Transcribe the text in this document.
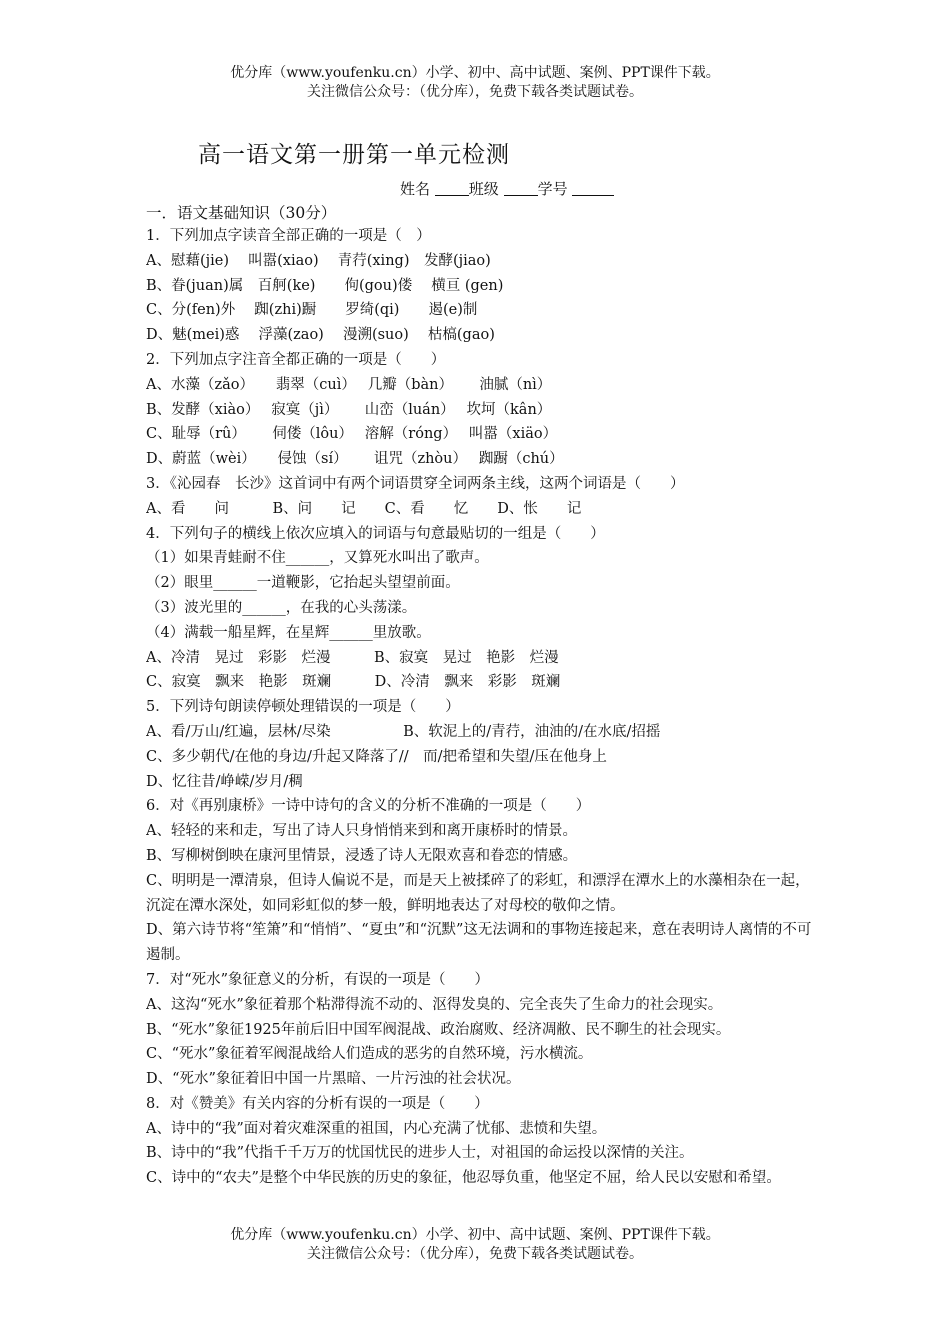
优分库（www.youfenku.cn）小学、初中、高中试题、案例、PPT课件下载。
关注微信公众号：（优分库），免费下载各类试题试卷。
高一语文第一册第一单元检测
姓名	班级	学号
一．语文基础知识（30分）
1．下列加点字读音全部正确的一项是（　）
A、慰藉(jie)　 叫嚣(xiao)　 青荇(xing)　发酵(jiao)
B、眷(juan)属　百舸(ke)　　佝(gou)偻　 横亘 (gen)
C、分(fen)外　 踟(zhi)蹰　　罗绮(qi)　　遏(e)制
D、魅(mei)惑　 浮藻(zao)　 漫溯(suo)　 枯槁(gao)
2．下列加点字注音全都正确的一项是（　　）
A、水藻（zǎo）　　翡翠（cuì）　 几瓣（bàn）　　 油腻（nì）
B、发酵（xiào）　 寂寞（jì）　　 山峦（luán）　 坎坷（kân）
C、耻辱（rû）　　 伺偻（lôu）　 溶解（róng）　 叫嚣（xiäo）
D、蔚蓝（wèi）　　侵蚀（sí）　　 诅咒（zhòu）　 踟蹰（chú）
3．《沁园春　长沙》这首词中有两个词语贯穿全词两条主线，这两个词语是（　　）
A、看　　问　　　B、问　　记　　C、看　　忆　　D、怅　　记
4．下列句子的横线上依次应填入的词语与句意最贴切的一组是（　　）
（1）如果青蛙耐不住______，又算死水叫出了歌声。
（2）眼里______一道鞭影，它抬起头望望前面。
（3）波光里的______，在我的心头荡漾。
（4）满载一船星辉，在星辉______里放歌。
A、冷清　晃过　彩影　烂漫　　　B、寂寞　晃过　艳影　烂漫
C、寂寞　飘来　艳影　斑斓　　　D、冷清　飘来　彩影　斑斓
5．下列诗句朗读停顿处理错误的一项是（　　）
A、看/万山/红遍，层林/尽染　　　　　B、软泥上的/青荇，油油的/在水底/招摇
C、多少朝代/在他的身边/升起又降落了//　而/把希望和失望/压在他身上
D、忆往昔/峥嵘/岁月/稠
6．对《再别康桥》一诗中诗句的含义的分析不准确的一项是（　　）
A、轻轻的来和走，写出了诗人只身悄悄来到和离开康桥时的情景。
B、写柳树倒映在康河里情景，浸透了诗人无限欢喜和眷恋的情感。
C、明明是一潭清泉，但诗人偏说不是，而是天上被揉碎了的彩虹，和漂浮在潭水上的水藻相杂在一起，沉淀在潭水深处，如同彩虹似的梦一般，鲜明地表达了对母校的敬仰之情。
D、第六诗节将“笙箫”和“悄悄”、“夏虫”和“沉默”这无法调和的事物连接起来，意在表明诗人离情的不可遏制。
7．对“死水”象征意义的分析，有误的一项是（　　）
A、这沟“死水”象征着那个粘滞得流不动的、沤得发臭的、完全丧失了生命力的社会现实。
B、“死水”象征1925年前后旧中国军阀混战、政治腐败、经济凋敝、民不聊生的社会现实。
C、“死水”象征着军阀混战给人们造成的恶劣的自然环境，污水横流。
D、“死水”象征着旧中国一片黑暗、一片污浊的社会状况。
8．对《赞美》有关内容的分析有误的一项是（　　）
A、诗中的“我”面对着灾难深重的祖国，内心充满了忧郁、悲愤和失望。
B、诗中的“我”代指千千万万的忧国忧民的进步人士，对祖国的命运投以深情的关注。
C、诗中的“农夫”是整个中华民族的历史的象征，他忍辱负重，他坚定不屈，给人民以安慰和希望。
优分库（www.youfenku.cn）小学、初中、高中试题、案例、PPT课件下载。
关注微信公众号：（优分库），免费下载各类试题试卷。
